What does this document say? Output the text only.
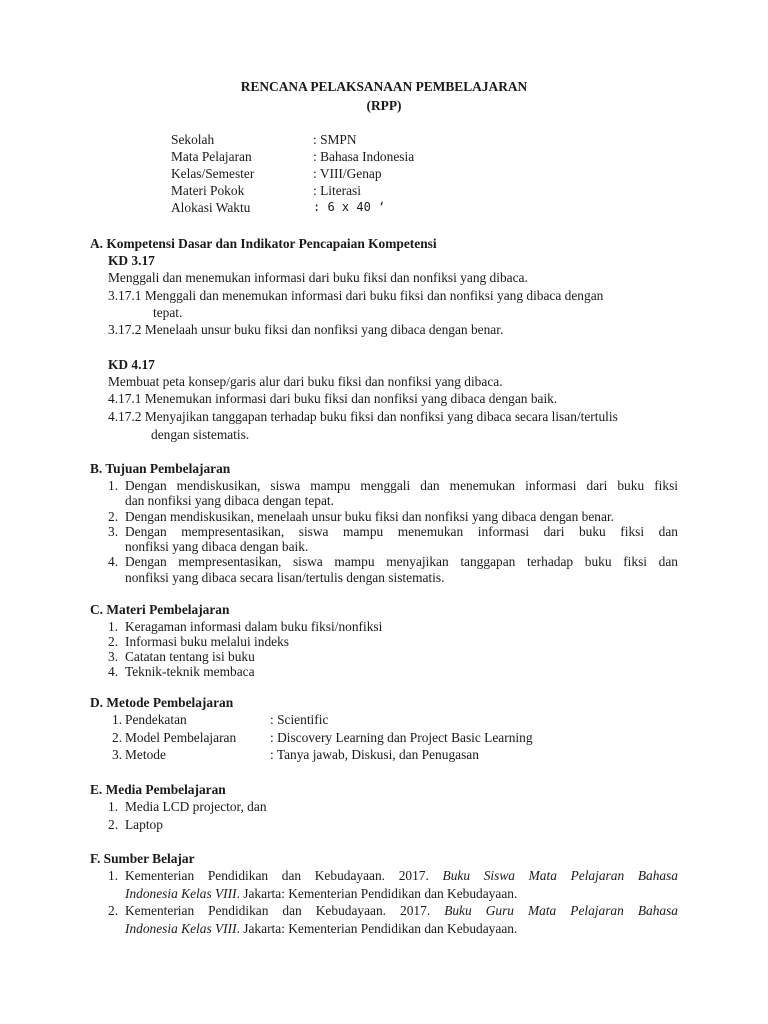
RENCANA PELAKSANAAN PEMBELAJARAN
(RPP)
Sekolah	: SMPN
Mata Pelajaran	: Bahasa Indonesia
Kelas/Semester	: VIII/Genap
Materi Pokok	: Literasi
Alokasi Waktu	: 6 x 40 ‘
A. Kompetensi Dasar dan Indikator Pencapaian Kompetensi
KD 3.17
Menggali dan menemukan informasi dari buku fiksi dan nonfiksi yang dibaca.
3.17.1 Menggali dan menemukan informasi dari buku fiksi dan nonfiksi yang dibaca dengan
tepat.
3.17.2 Menelaah unsur buku fiksi dan nonfiksi yang dibaca dengan benar.
KD 4.17
Membuat peta konsep/garis alur dari buku fiksi dan nonfiksi yang dibaca.
4.17.1 Menemukan informasi dari buku fiksi dan nonfiksi yang dibaca dengan baik.
4.17.2 Menyajikan tanggapan terhadap buku fiksi dan nonfiksi yang dibaca secara lisan/tertulis
dengan sistematis.
B. Tujuan Pembelajaran
1. Dengan mendiskusikan, siswa mampu menggali dan menemukan informasi dari buku fiksi
dan nonfiksi yang dibaca dengan tepat.
2. Dengan mendiskusikan, menelaah unsur buku fiksi dan nonfiksi yang dibaca dengan benar.
3. Dengan mempresentasikan, siswa mampu menemukan informasi dari buku fiksi dan
nonfiksi yang dibaca dengan baik.
4. Dengan mempresentasikan, siswa mampu menyajikan tanggapan terhadap buku fiksi dan
nonfiksi yang dibaca secara lisan/tertulis dengan sistematis.
C. Materi Pembelajaran
1. Keragaman informasi dalam buku fiksi/nonfiksi
2. Informasi buku melalui indeks
3. Catatan tentang isi buku
4. Teknik-teknik membaca
D. Metode Pembelajaran
1. Pendekatan	: Scientific
2. Model Pembelajaran	: Discovery Learning dan Project Basic Learning
3. Metode	: Tanya jawab, Diskusi, dan Penugasan
E. Media Pembelajaran
1. Media LCD projector, dan
2. Laptop
F. Sumber Belajar
1. Kementerian Pendidikan dan Kebudayaan. 2017. Buku Siswa Mata Pelajaran Bahasa
Indonesia Kelas VIII. Jakarta: Kementerian Pendidikan dan Kebudayaan.
2. Kementerian Pendidikan dan Kebudayaan. 2017. Buku Guru Mata Pelajaran Bahasa
Indonesia Kelas VIII. Jakarta: Kementerian Pendidikan dan Kebudayaan.
